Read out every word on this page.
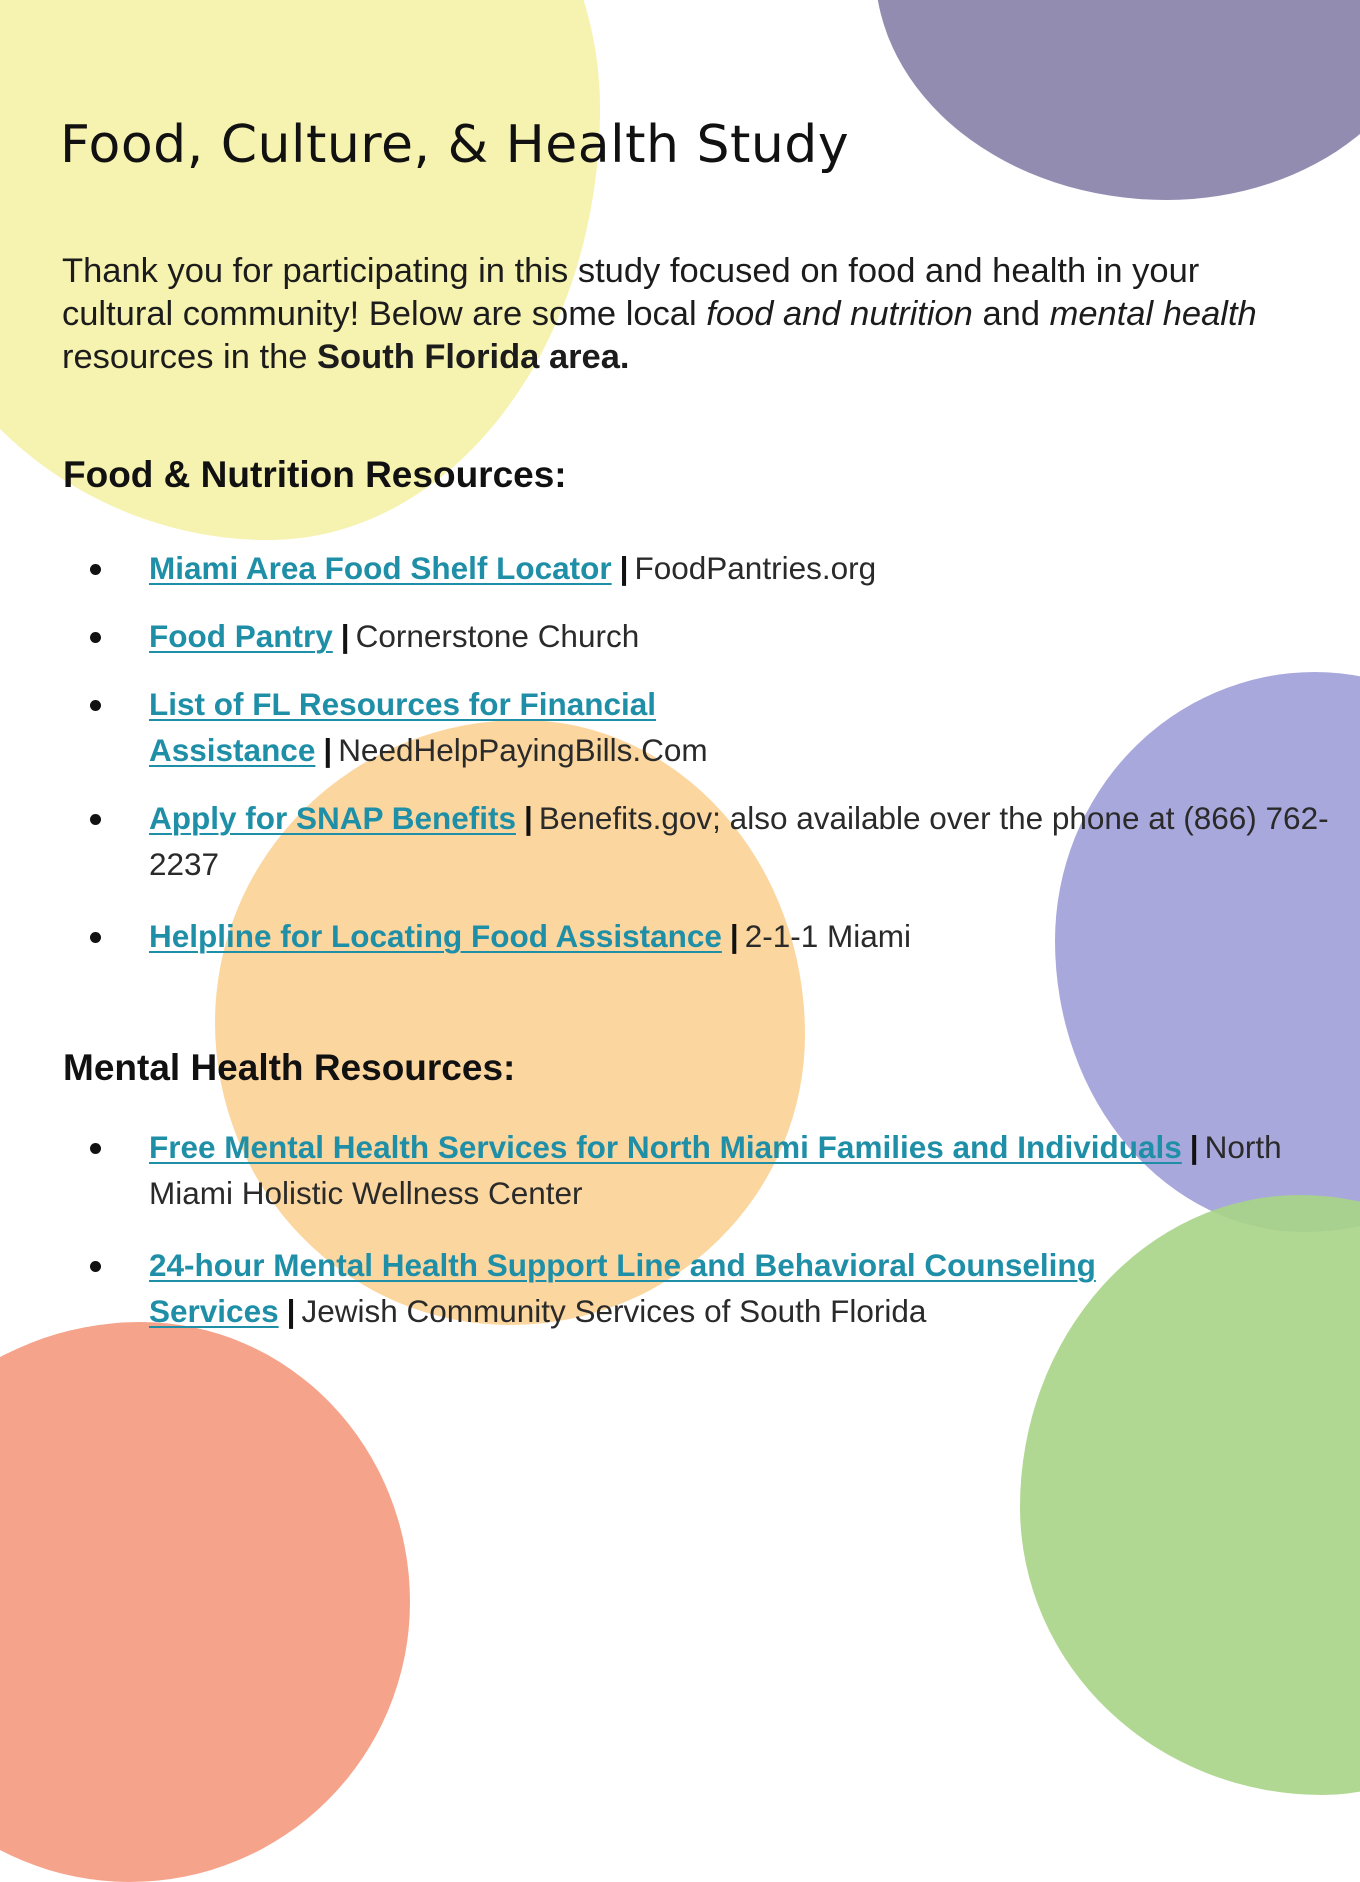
Food, Culture, & Health Study

Thank you for participating in this study focused on food and health in your cultural community! Below are some local food and nutrition and mental health resources in the South Florida area.

Food & Nutrition Resources:
Miami Area Food Shelf Locator | FoodPantries.org
Food Pantry | Cornerstone Church
List of FL Resources for Financial Assistance | NeedHelpPayingBills.Com
Apply for SNAP Benefits | Benefits.gov; also available over the phone at (866) 762-2237
Helpline for Locating Food Assistance | 2-1-1 Miami
Mental Health Resources:
Free Mental Health Services for North Miami Families and Individuals | North Miami Holistic Wellness Center
24-hour Mental Health Support Line and Behavioral Counseling Services | Jewish Community Services of South Florida
